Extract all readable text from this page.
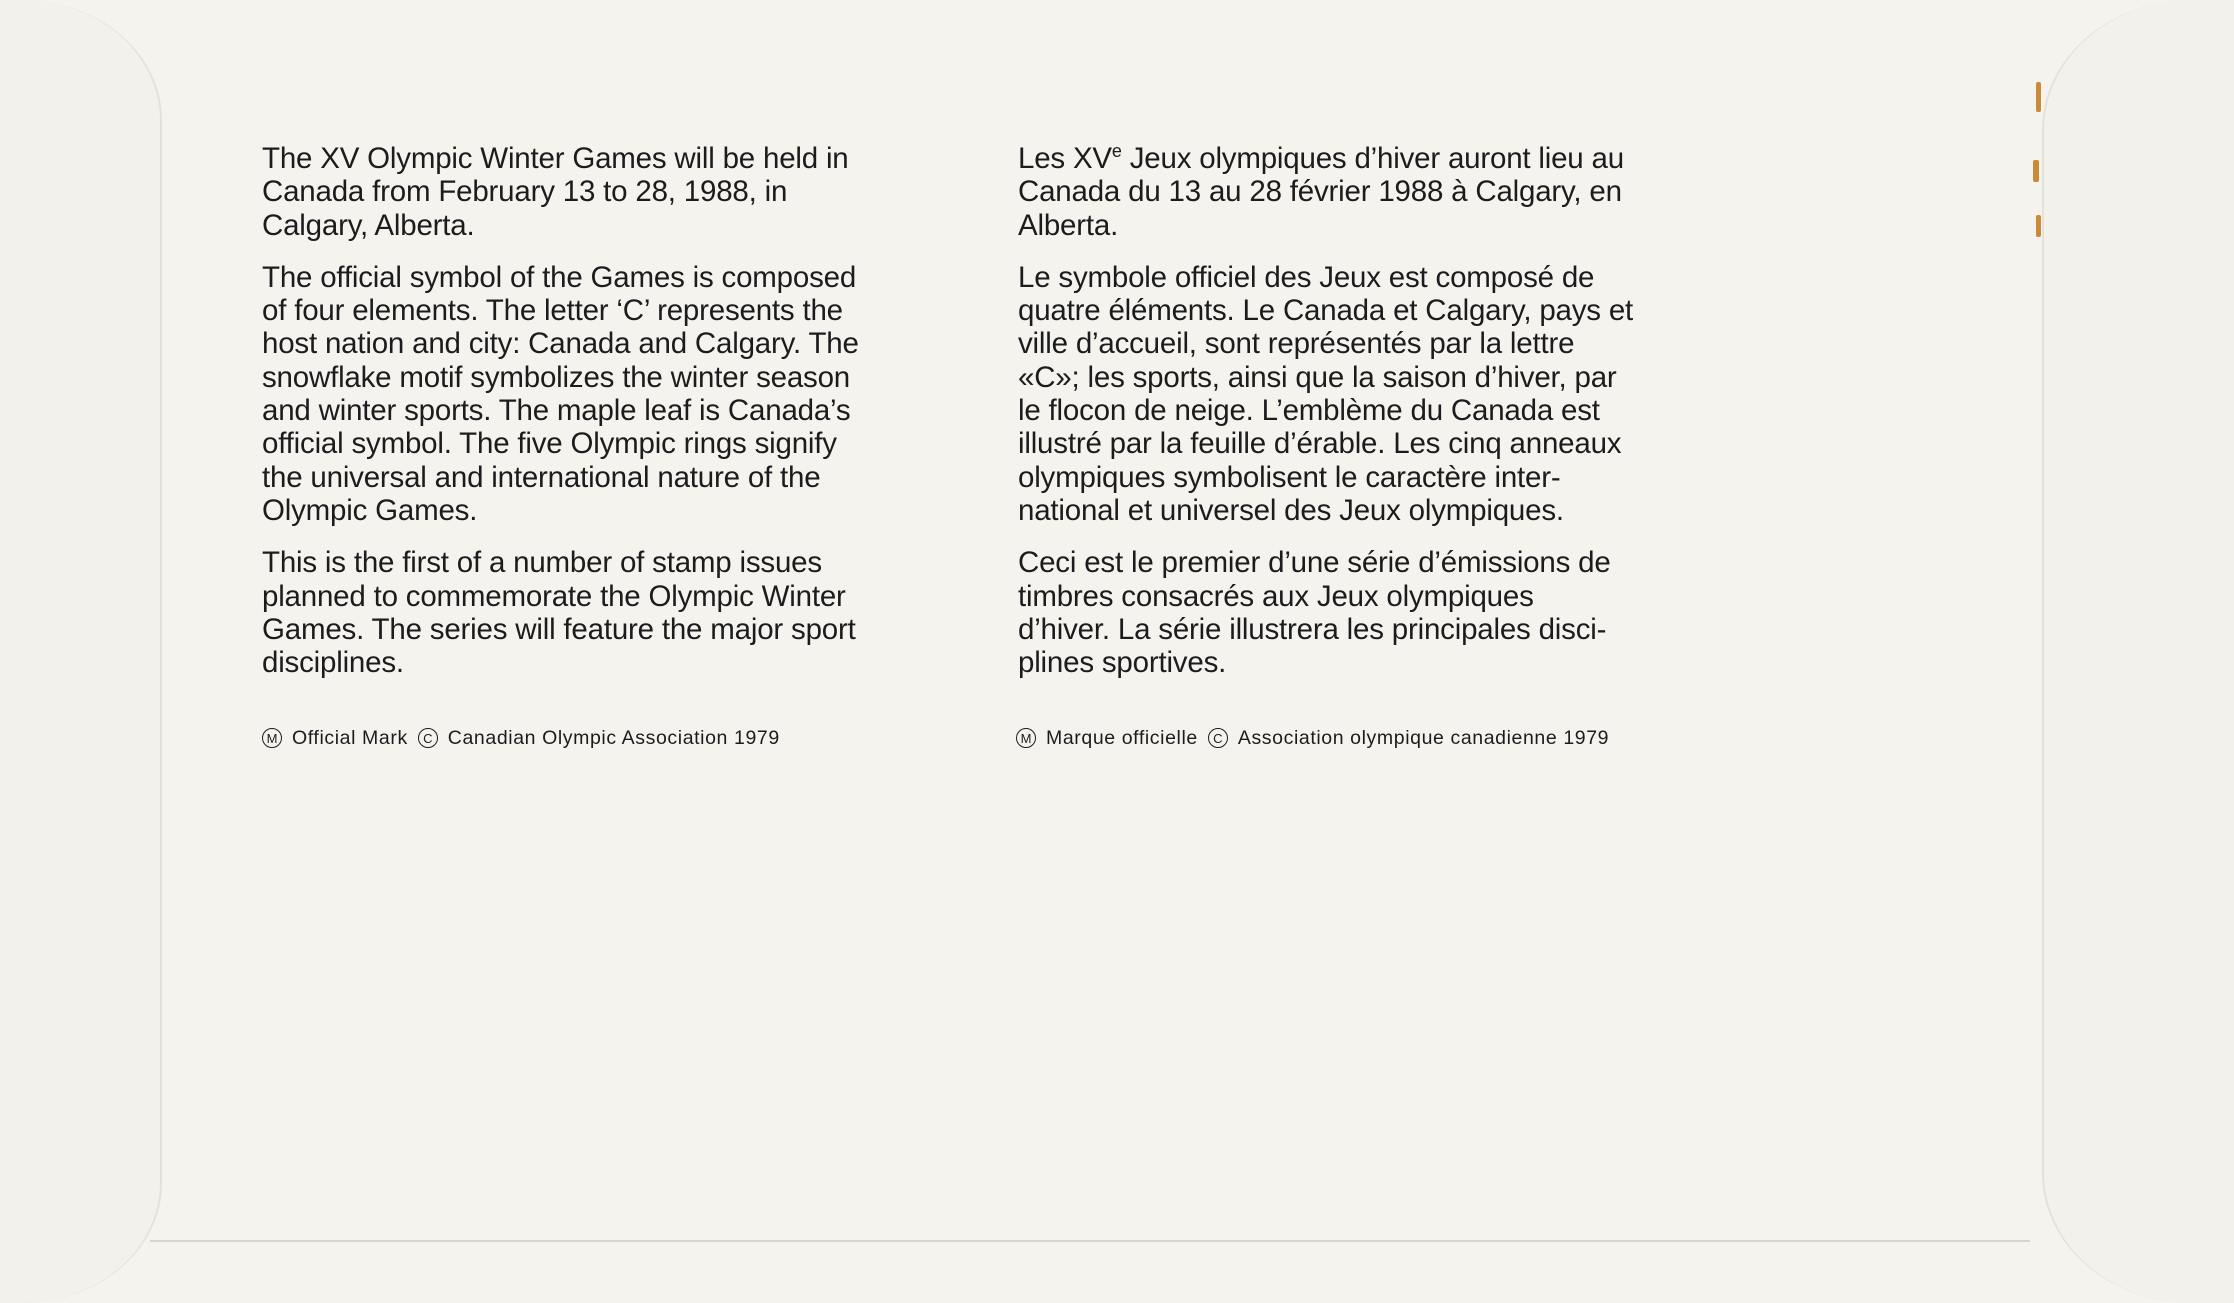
The XV Olympic Winter Games will be held in
Canada from February 13 to 28, 1988, in
Calgary, Alberta.

The official symbol of the Games is composed
of four elements. The letter ‘C’ represents the
host nation and city: Canada and Calgary. The
snowflake motif symbolizes the winter season
and winter sports. The maple leaf is Canada’s
official symbol. The five Olympic rings signify
the universal and international nature of the
Olympic Games.

This is the first of a number of stamp issues
planned to commemorate the Olympic Winter
Games. The series will feature the major sport
disciplines.

M Official Mark	C Canadian Olympic Association 1979

Les XVe Jeux olympiques d’hiver auront lieu au
Canada du 13 au 28 février 1988 à Calgary, en
Alberta.

Le symbole officiel des Jeux est composé de
quatre éléments. Le Canada et Calgary, pays et
ville d’accueil, sont représentés par la lettre
«C»; les sports, ainsi que la saison d’hiver, par
le flocon de neige. L’emblème du Canada est
illustré par la feuille d’érable. Les cinq anneaux
olympiques symbolisent le caractère inter-
national et universel des Jeux olympiques.

Ceci est le premier d’une série d’émissions de
timbres consacrés aux Jeux olympiques
d’hiver. La série illustrera les principales disci-
plines sportives.

M Marque officielle	C Association olympique canadienne 1979
